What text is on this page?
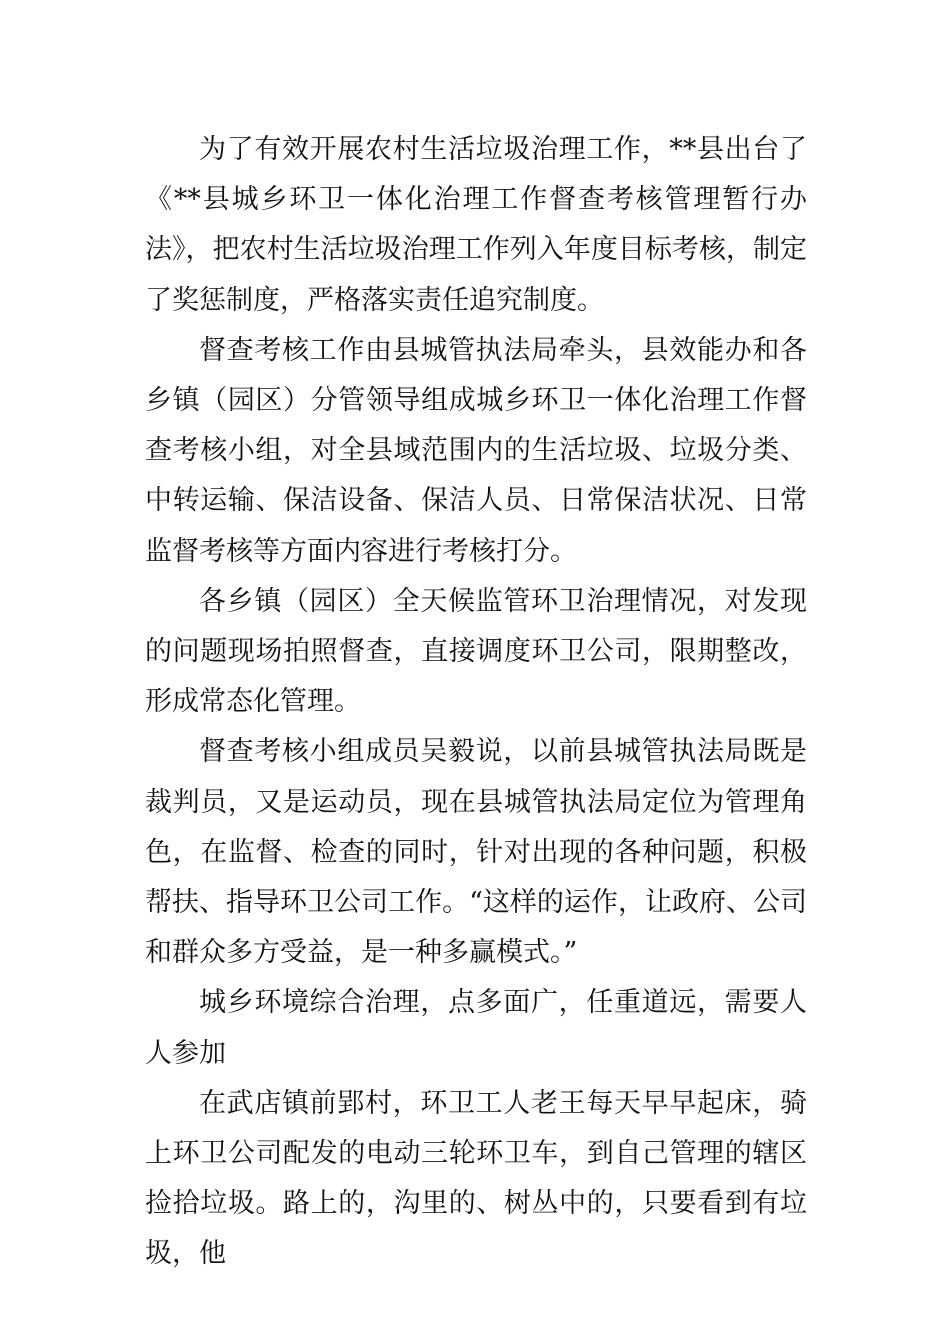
为了有效开展农村生活垃圾治理工作，**县出台了《**县城乡环卫一体化治理工作督查考核管理暂行办法》，把农村生活垃圾治理工作列入年度目标考核，制定了奖惩制度，严格落实责任追究制度。

督查考核工作由县城管执法局牵头，县效能办和各乡镇（园区）分管领导组成城乡环卫一体化治理工作督查考核小组，对全县域范围内的生活垃圾、垃圾分类、中转运输、保洁设备、保洁人员、日常保洁状况、日常监督考核等方面内容进行考核打分。

各乡镇（园区）全天候监管环卫治理情况，对发现的问题现场拍照督查，直接调度环卫公司，限期整改，形成常态化管理。

督查考核小组成员吴毅说，以前县城管执法局既是裁判员，又是运动员，现在县城管执法局定位为管理角色，在监督、检查的同时，针对出现的各种问题，积极帮扶、指导环卫公司工作。“这样的运作，让政府、公司和群众多方受益，是一种多赢模式。”

城乡环境综合治理，点多面广，任重道远，需要人人参加

在武店镇前郢村，环卫工人老王每天早早起床，骑上环卫公司配发的电动三轮环卫车，到自己管理的辖区捡拾垃圾。路上的，沟里的、树丛中的，只要看到有垃圾，他
